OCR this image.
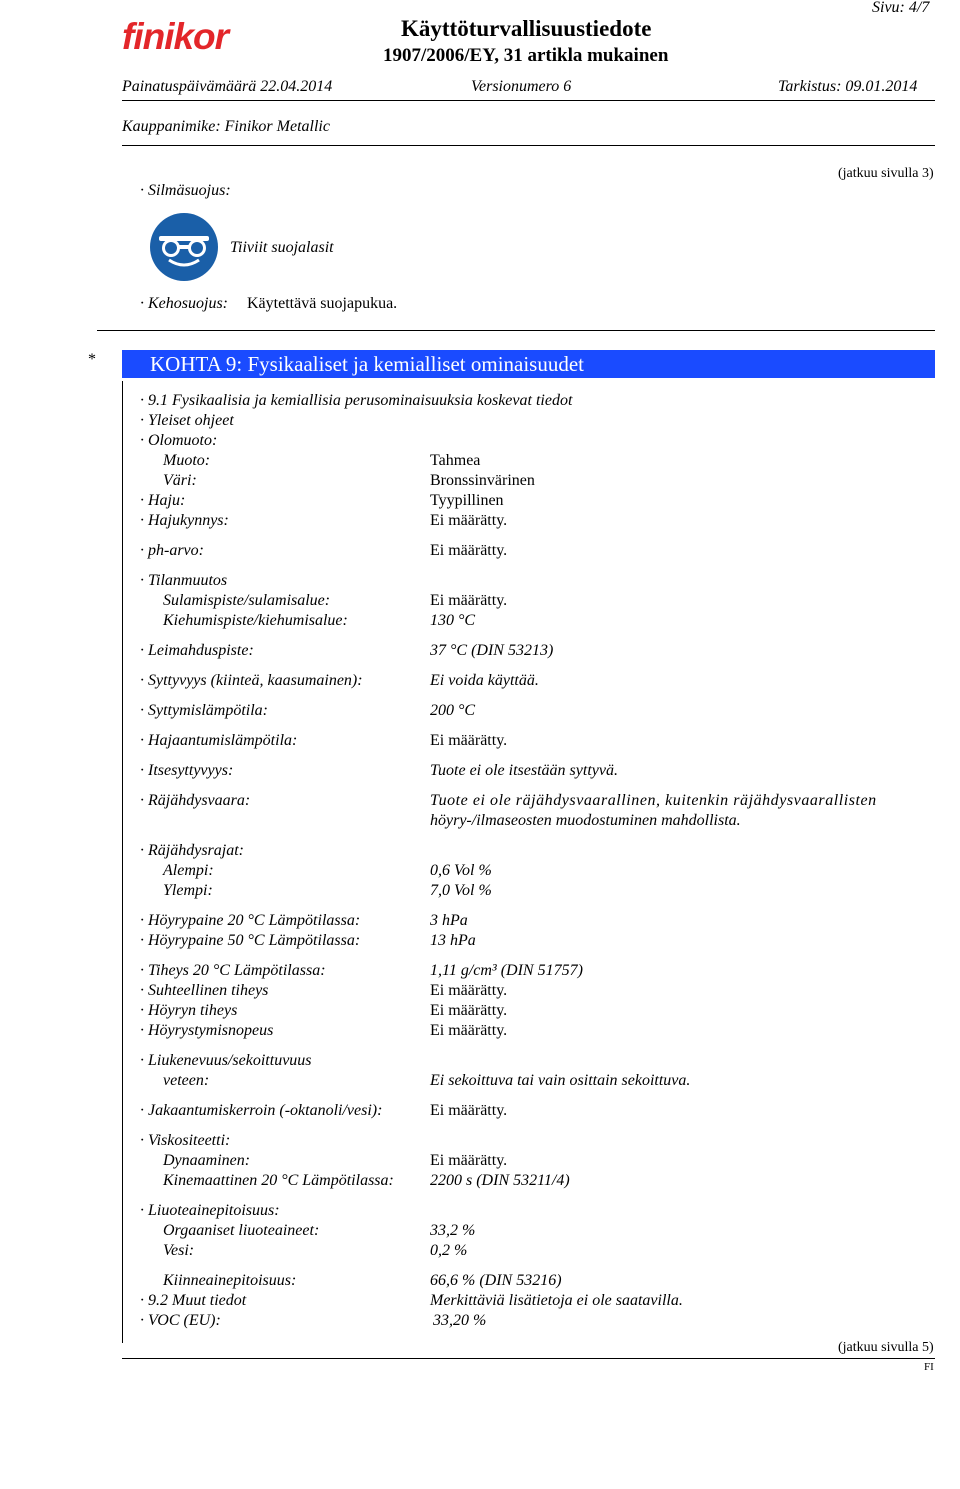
finikor	Käyttöturvallisuustiedote
1907/2006/EY, 31 artikla mukainen
Sivu: 4/7
Painatuspäivämäärä 22.04.2014	Versionumero 6	Tarkistus: 09.01.2014
Kauppanimike: Finikor Metallic
(jatkuu sivulla 3)
· Silmäsuojus:
Tiiviit suojalasit
· Kehosuojus: Käytettävä suojapukua.
*	KOHTA 9: Fysikaaliset ja kemialliset ominaisuudet
· 9.1 Fysikaalisia ja kemiallisia perusominaisuuksia koskevat tiedot
· Yleiset ohjeet
· Olomuoto:
Muoto:	Tahmea
Väri:	Bronssinvärinen
· Haju:	Tyypillinen
· Hajukynnys:	Ei määrätty.
· ph-arvo:	Ei määrätty.
· Tilanmuutos
Sulamispiste/sulamisalue:	Ei määrätty.
Kiehumispiste/kiehumisalue:	130 °C
· Leimahduspiste:	37 °C (DIN 53213)
· Syttyvyys (kiinteä, kaasumainen):	Ei voida käyttää.
· Syttymislämpötila:	200 °C
· Hajaantumislämpötila:	Ei määrätty.
· Itsesyttyvyys:	Tuote ei ole itsestään syttyvä.
· Räjähdysvaara:	Tuote ei ole räjähdysvaarallinen, kuitenkin räjähdysvaarallisten
höyry-/ilmaseosten muodostuminen mahdollista.
· Räjähdysrajat:
Alempi:	0,6 Vol %
Ylempi:	7,0 Vol %
· Höyrypaine 20 °C Lämpötilassa:	3 hPa
· Höyrypaine 50 °C Lämpötilassa:	13 hPa
· Tiheys 20 °C Lämpötilassa:	1,11 g/cm³ (DIN 51757)
· Suhteellinen tiheys	Ei määrätty.
· Höyryn tiheys	Ei määrätty.
· Höyrystymisnopeus	Ei määrätty.
· Liukenevuus/sekoittuvuus
veteen:	Ei sekoittuva tai vain osittain sekoittuva.
· Jakaantumiskerroin (-oktanoli/vesi):	Ei määrätty.
· Viskositeetti:
Dynaaminen:	Ei määrätty.
Kinemaattinen 20 °C Lämpötilassa: 2200 s (DIN 53211/4)
· Liuoteainepitoisuus:
Orgaaniset liuoteaineet:	33,2 %
Vesi:	0,2 %
Kiinneainepitoisuus:	66,6 % (DIN 53216)
· 9.2 Muut tiedot	Merkittäviä lisätietoja ei ole saatavilla.
· VOC (EU):	33,20 %
(jatkuu sivulla 5)
FI
